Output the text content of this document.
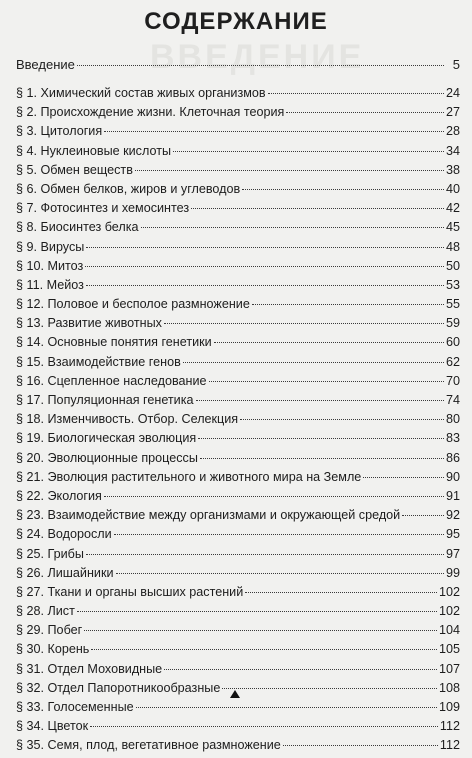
ВВЕДЕНИЕ
СОДЕРЖАНИЕ
Введение	5
§ 1. Химический состав живых организмов	24
§ 2. Происхождение жизни. Клеточная теория	27
§ 3. Цитология	28
§ 4. Нуклеиновые кислоты	34
§ 5. Обмен веществ	38
§ 6. Обмен белков, жиров и углеводов	40
§ 7. Фотосинтез и хемосинтез	42
§ 8. Биосинтез белка	45
§ 9. Вирусы	48
§ 10. Митоз	50
§ 11. Мейоз	53
§ 12. Половое и бесполое размножение	55
§ 13. Развитие животных	59
§ 14. Основные понятия генетики	60
§ 15. Взаимодействие генов	62
§ 16. Сцепленное наследование	70
§ 17. Популяционная генетика	74
§ 18. Изменчивость. Отбор. Селекция	80
§ 19. Биологическая эволюция	83
§ 20. Эволюционные процессы	86
§ 21. Эволюция растительного и животного мира на Земле	90
§ 22. Экология	91
§ 23. Взаимодействие между организмами и окружающей средой	92
§ 24. Водоросли	95
§ 25. Грибы	97
§ 26. Лишайники	99
§ 27. Ткани и органы высших растений	102
§ 28. Лист	102
§ 29. Побег	104
§ 30. Корень	105
§ 31. Отдел Моховидные	107
§ 32. Отдел Папоротникообразные	108
§ 33. Голосеменные	109
§ 34. Цветок	112
§ 35. Семя, плод, вегетативное размножение	112
